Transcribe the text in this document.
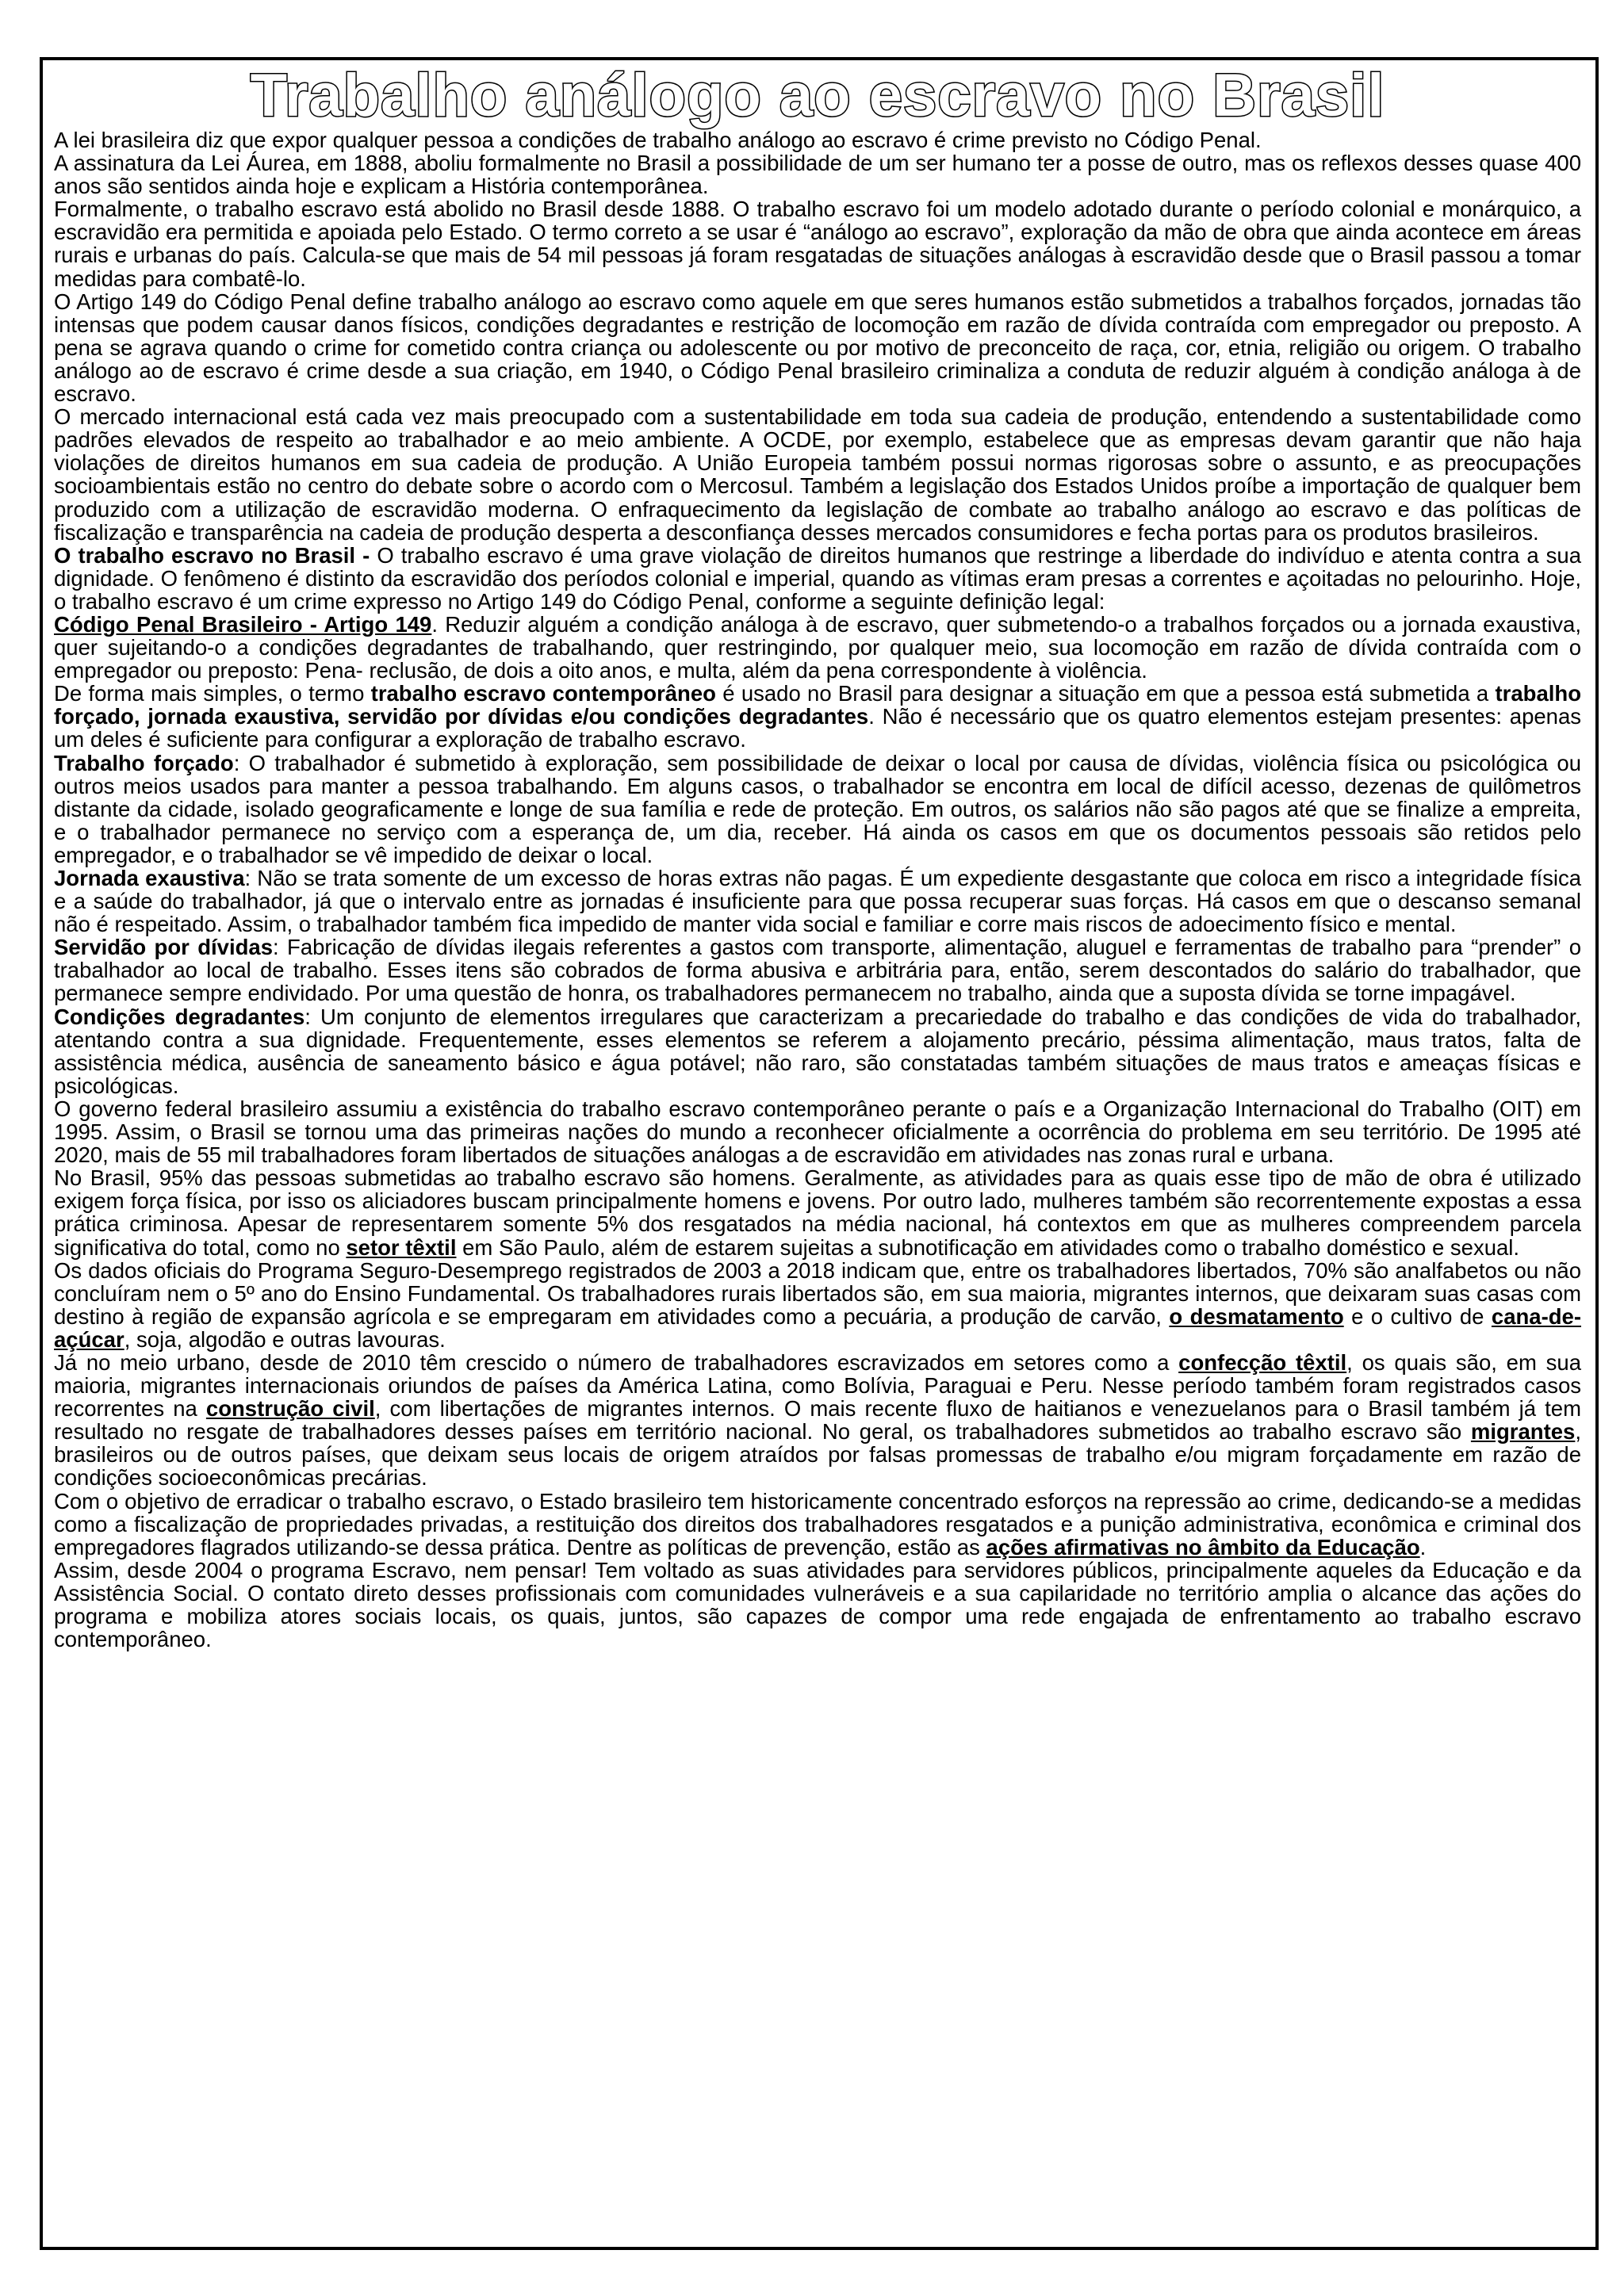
Trabalho análogo ao escravo no Brasil

A lei brasileira diz que expor qualquer pessoa a condições de trabalho análogo ao escravo é crime previsto no Código Penal.

A assinatura da Lei Áurea, em 1888, aboliu formalmente no Brasil a possibilidade de um ser humano ter a posse de outro, mas os reflexos desses quase 400 anos são sentidos ainda hoje e explicam a História contemporânea.

Formalmente, o trabalho escravo está abolido no Brasil desde 1888. O trabalho escravo foi um modelo adotado durante o período colonial e monárquico, a escravidão era permitida e apoiada pelo Estado. O termo correto a se usar é “análogo ao escravo”, exploração da mão de obra que ainda acontece em áreas rurais e urbanas do país. Calcula-se que mais de 54 mil pessoas já foram resgatadas de situações análogas à escravidão desde que o Brasil passou a tomar medidas para combatê-lo.

O Artigo 149 do Código Penal define trabalho análogo ao escravo como aquele em que seres humanos estão submetidos a trabalhos forçados, jornadas tão intensas que podem causar danos físicos, condições degradantes e restrição de locomoção em razão de dívida contraída com empregador ou preposto. A pena se agrava quando o crime for cometido contra criança ou adolescente ou por motivo de preconceito de raça, cor, etnia, religião ou origem. O trabalho análogo ao de escravo é crime desde a sua criação, em 1940, o Código Penal brasileiro criminaliza a conduta de reduzir alguém à condição análoga à de escravo.

O mercado internacional está cada vez mais preocupado com a sustentabilidade em toda sua cadeia de produção, entendendo a sustentabilidade como padrões elevados de respeito ao trabalhador e ao meio ambiente. A OCDE, por exemplo, estabelece que as empresas devam garantir que não haja violações de direitos humanos em sua cadeia de produção. A União Europeia também possui normas rigorosas sobre o assunto, e as preocupações socioambientais estão no centro do debate sobre o acordo com o Mercosul. Também a legislação dos Estados Unidos proíbe a importação de qualquer bem produzido com a utilização de escravidão moderna. O enfraquecimento da legislação de combate ao trabalho análogo ao escravo e das políticas de fiscalização e transparência na cadeia de produção desperta a desconfiança desses mercados consumidores e fecha portas para os produtos brasileiros.

O trabalho escravo no Brasil - O trabalho escravo é uma grave violação de direitos humanos que restringe a liberdade do indivíduo e atenta contra a sua dignidade. O fenômeno é distinto da escravidão dos períodos colonial e imperial, quando as vítimas eram presas a correntes e açoitadas no pelourinho. Hoje, o trabalho escravo é um crime expresso no Artigo 149 do Código Penal, conforme a seguinte definição legal:

Código Penal Brasileiro - Artigo 149. Reduzir alguém a condição análoga à de escravo, quer submetendo-o a trabalhos forçados ou a jornada exaustiva, quer sujeitando-o a condições degradantes de trabalhando, quer restringindo, por qualquer meio, sua locomoção em razão de dívida contraída com o empregador ou preposto: Pena- reclusão, de dois a oito anos, e multa, além da pena correspondente à violência.

De forma mais simples, o termo trabalho escravo contemporâneo é usado no Brasil para designar a situação em que a pessoa está submetida a trabalho forçado, jornada exaustiva, servidão por dívidas e/ou condições degradantes. Não é necessário que os quatro elementos estejam presentes: apenas um deles é suficiente para configurar a exploração de trabalho escravo.

Trabalho forçado: O trabalhador é submetido à exploração, sem possibilidade de deixar o local por causa de dívidas, violência física ou psicológica ou outros meios usados para manter a pessoa trabalhando. Em alguns casos, o trabalhador se encontra em local de difícil acesso, dezenas de quilômetros distante da cidade, isolado geograficamente e longe de sua família e rede de proteção. Em outros, os salários não são pagos até que se finalize a empreita, e o trabalhador permanece no serviço com a esperança de, um dia, receber. Há ainda os casos em que os documentos pessoais são retidos pelo empregador, e o trabalhador se vê impedido de deixar o local.

Jornada exaustiva: Não se trata somente de um excesso de horas extras não pagas. É um expediente desgastante que coloca em risco a integridade física e a saúde do trabalhador, já que o intervalo entre as jornadas é insuficiente para que possa recuperar suas forças. Há casos em que o descanso semanal não é respeitado. Assim, o trabalhador também fica impedido de manter vida social e familiar e corre mais riscos de adoecimento físico e mental.

Servidão por dívidas: Fabricação de dívidas ilegais referentes a gastos com transporte, alimentação, aluguel e ferramentas de trabalho para “prender” o trabalhador ao local de trabalho. Esses itens são cobrados de forma abusiva e arbitrária para, então, serem descontados do salário do trabalhador, que permanece sempre endividado. Por uma questão de honra, os trabalhadores permanecem no trabalho, ainda que a suposta dívida se torne impagável.

Condições degradantes: Um conjunto de elementos irregulares que caracterizam a precariedade do trabalho e das condições de vida do trabalhador, atentando contra a sua dignidade. Frequentemente, esses elementos se referem a alojamento precário, péssima alimentação, maus tratos, falta de assistência médica, ausência de saneamento básico e água potável; não raro, são constatadas também situações de maus tratos e ameaças físicas e psicológicas.

O governo federal brasileiro assumiu a existência do trabalho escravo contemporâneo perante o país e a Organização Internacional do Trabalho (OIT) em 1995. Assim, o Brasil se tornou uma das primeiras nações do mundo a reconhecer oficialmente a ocorrência do problema em seu território. De 1995 até 2020, mais de 55 mil trabalhadores foram libertados de situações análogas a de escravidão em atividades nas zonas rural e urbana.

No Brasil, 95% das pessoas submetidas ao trabalho escravo são homens. Geralmente, as atividades para as quais esse tipo de mão de obra é utilizado exigem força física, por isso os aliciadores buscam principalmente homens e jovens. Por outro lado, mulheres também são recorrentemente expostas a essa prática criminosa. Apesar de representarem somente 5% dos resgatados na média nacional, há contextos em que as mulheres compreendem parcela significativa do total, como no setor têxtil em São Paulo, além de estarem sujeitas a subnotificação em atividades como o trabalho doméstico e sexual.

Os dados oficiais do Programa Seguro-Desemprego registrados de 2003 a 2018 indicam que, entre os trabalhadores libertados, 70% são analfabetos ou não concluíram nem o 5º ano do Ensino Fundamental. Os trabalhadores rurais libertados são, em sua maioria, migrantes internos, que deixaram suas casas com destino à região de expansão agrícola e se empregaram em atividades como a pecuária, a produção de carvão, o desmatamento e o cultivo de cana-de-açúcar, soja, algodão e outras lavouras.

Já no meio urbano, desde de 2010 têm crescido o número de trabalhadores escravizados em setores como a confecção têxtil, os quais são, em sua maioria, migrantes internacionais oriundos de países da América Latina, como Bolívia, Paraguai e Peru. Nesse período também foram registrados casos recorrentes na construção civil, com libertações de migrantes internos. O mais recente fluxo de haitianos e venezuelanos para o Brasil também já tem resultado no resgate de trabalhadores desses países em território nacional. No geral, os trabalhadores submetidos ao trabalho escravo são migrantes, brasileiros ou de outros países, que deixam seus locais de origem atraídos por falsas promessas de trabalho e/ou migram forçadamente em razão de condições socioeconômicas precárias.

Com o objetivo de erradicar o trabalho escravo, o Estado brasileiro tem historicamente concentrado esforços na repressão ao crime, dedicando-se a medidas como a fiscalização de propriedades privadas, a restituição dos direitos dos trabalhadores resgatados e a punição administrativa, econômica e criminal dos empregadores flagrados utilizando-se dessa prática. Dentre as políticas de prevenção, estão as ações afirmativas no âmbito da Educação.

Assim, desde 2004 o programa Escravo, nem pensar! Tem voltado as suas atividades para servidores públicos, principalmente aqueles da Educação e da Assistência Social. O contato direto desses profissionais com comunidades vulneráveis e a sua capilaridade no território amplia o alcance das ações do programa e mobiliza atores sociais locais, os quais, juntos, são capazes de compor uma rede engajada de enfrentamento ao trabalho escravo contemporâneo.
